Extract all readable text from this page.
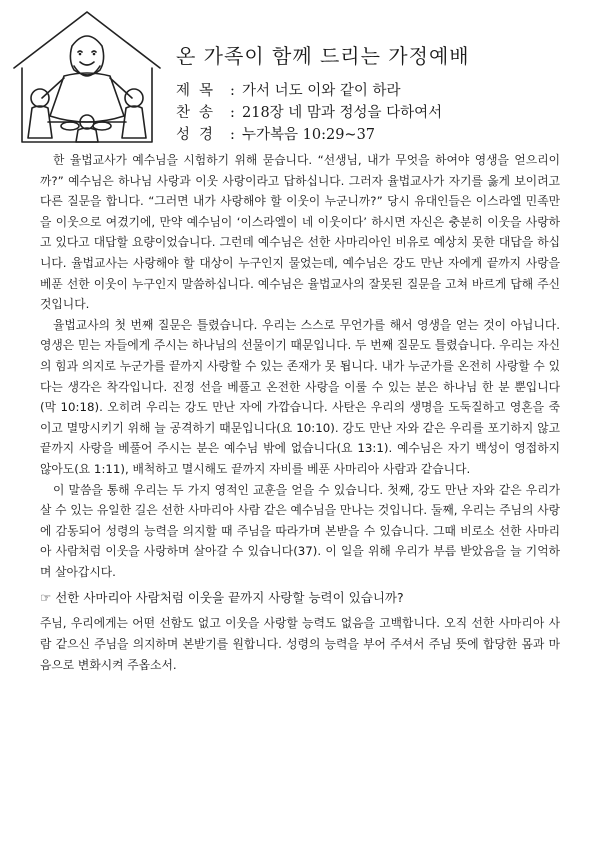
온 가족이 함께 드리는 가정예배
제목 : 가서 너도 이와 같이 하라
찬송 : 218장 네 맘과 정성을 다하여서
성경 : 누가복음 10:29~37

한 율법교사가 예수님을 시험하기 위해 묻습니다. “선생님, 내가 무엇을 하여야 영생을 얻으리이까?” 예수님은 하나님 사랑과 이웃 사랑이라고 답하십니다. 그러자 율법교사가 자기를 옳게 보이려고 다른 질문을 합니다. “그러면 내가 사랑해야 할 이웃이 누군니까?” 당시 유대인들은 이스라엘 민족만을 이웃으로 여겼기에, 만약 예수님이 ‘이스라엘이 네 이웃이다’ 하시면 자신은 충분히 이웃을 사랑하고 있다고 대답할 요량이었습니다. 그런데 예수님은 선한 사마리아인 비유로 예상치 못한 대답을 하십니다. 율법교사는 사랑해야 할 대상이 누구인지 물었는데, 예수님은 강도 만난 자에게 끝까지 사랑을 베푼 선한 이웃이 누구인지 말씀하십니다. 예수님은 율법교사의 잘못된 질문을 고쳐 바르게 답해 주신 것입니다.

율법교사의 첫 번째 질문은 틀렸습니다. 우리는 스스로 무언가를 해서 영생을 얻는 것이 아닙니다. 영생은 믿는 자들에게 주시는 하나님의 선물이기 때문입니다. 두 번째 질문도 틀렸습니다. 우리는 자신의 힘과 의지로 누군가를 끝까지 사랑할 수 있는 존재가 못 됩니다. 내가 누군가를 온전히 사랑할 수 있다는 생각은 착각입니다. 진정 선을 베풀고 온전한 사랑을 이룰 수 있는 분은 하나님 한 분 뿐입니다(막 10:18). 오히려 우리는 강도 만난 자에 가깝습니다. 사탄은 우리의 생명을 도둑질하고 영혼을 죽이고 멸망시키기 위해 늘 공격하기 때문입니다(요 10:10). 강도 만난 자와 같은 우리를 포기하지 않고 끝까지 사랑을 베풀어 주시는 분은 예수님 밖에 없습니다(요 13:1). 예수님은 자기 백성이 영접하지 않아도(요 1:11), 배척하고 멸시해도 끝까지 자비를 베푼 사마리아 사람과 같습니다.

이 말씀을 통해 우리는 두 가지 영적인 교훈을 얻을 수 있습니다. 첫째, 강도 만난 자와 같은 우리가 살 수 있는 유일한 길은 선한 사마리아 사람 같은 예수님을 만나는 것입니다. 둘째, 우리는 주님의 사랑에 감동되어 성령의 능력을 의지할 때 주님을 따라가며 본받을 수 있습니다. 그때 비로소 선한 사마리아 사람처럼 이웃을 사랑하며 살아갈 수 있습니다(37). 이 일을 위해 우리가 부름 받았음을 늘 기억하며 살아갑시다.

☞ 선한 사마리아 사람처럼 이웃을 끝까지 사랑할 능력이 있습니까?
주님, 우리에게는 어떤 선함도 없고 이웃을 사랑할 능력도 없음을 고백합니다. 오직 선한 사마리아 사람 같으신 주님을 의지하며 본받기를 원합니다. 성령의 능력을 부어 주셔서 주님 뜻에 합당한 몸과 마음으로 변화시켜 주옵소서.
